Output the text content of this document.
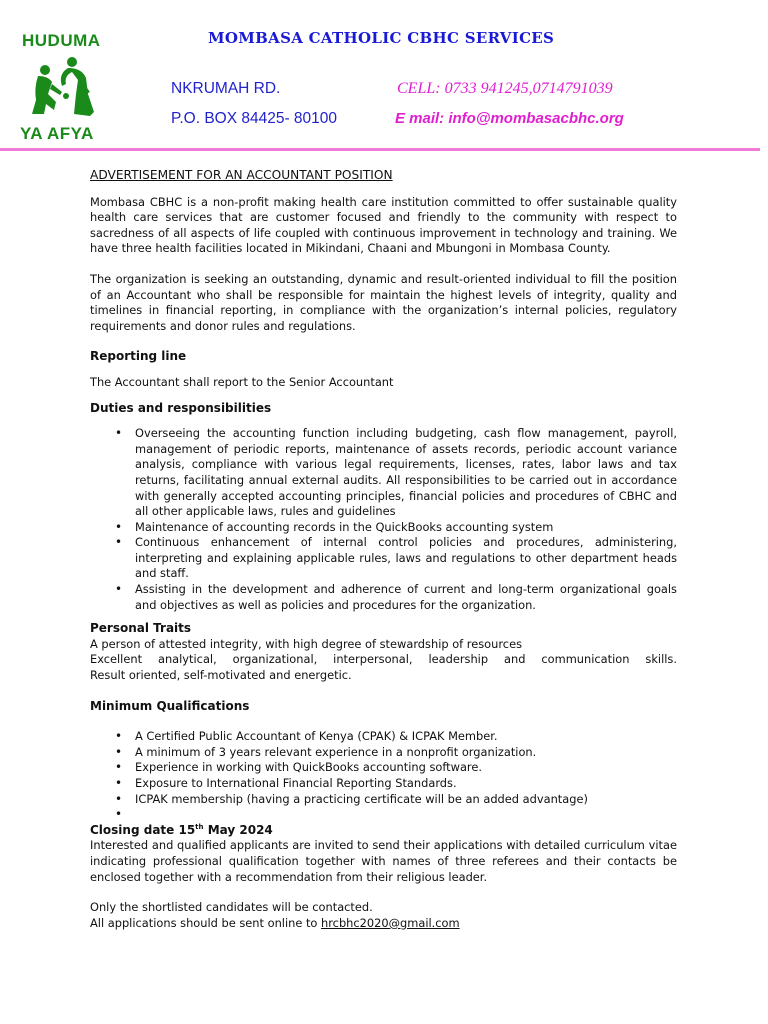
HUDUMA
YA AFYA
MOMBASA CATHOLIC CBHC SERVICES
NKRUMAH RD.
P.O. BOX 84425- 80100
CELL: 0733 941245,0714791039
E mail: info@mombasacbhc.org
ADVERTISEMENT FOR AN ACCOUNTANT POSITION

Mombasa CBHC is a non-profit making health care institution committed to offer sustainable quality health care services that are customer focused and friendly to the community with respect to sacredness of all aspects of life coupled with continuous improvement in technology and training. We have three health facilities located in Mikindani, Chaani and Mbungoni in Mombasa County.

The organization is seeking an outstanding, dynamic and result-oriented individual to fill the position of an Accountant who shall be responsible for maintain the highest levels of integrity, quality and timelines in financial reporting, in compliance with the organization’s internal policies, regulatory requirements and donor rules and regulations.

Reporting line

The Accountant shall report to the Senior Accountant

Duties and responsibilities
• Overseeing the accounting function including budgeting, cash flow management, payroll, management of periodic reports, maintenance of assets records, periodic account variance analysis, compliance with various legal requirements, licenses, rates, labor laws and tax returns, facilitating annual external audits. All responsibilities to be carried out in accordance with generally accepted accounting principles, financial policies and procedures of CBHC and all other applicable laws, rules and guidelines
• Maintenance of accounting records in the QuickBooks accounting system
• Continuous enhancement of internal control policies and procedures, administering, interpreting and explaining applicable rules, laws and regulations to other department heads and staff.
• Assisting in the development and adherence of current and long-term organizational goals and objectives as well as policies and procedures for the organization.
Personal Traits

A person of attested integrity, with high degree of stewardship of resources

Excellent analytical, organizational, interpersonal, leadership and communication skills.

Result oriented, self-motivated and energetic.

Minimum Qualifications
• A Certified Public Accountant of Kenya (CPAK) & ICPAK Member.
• A minimum of 3 years relevant experience in a nonprofit organization.
• Experience in working with QuickBooks accounting software.
• Exposure to International Financial Reporting Standards.
• ICPAK membership (having a practicing certificate will be an added advantage)
•
Closing date 15th May 2024

Interested and qualified applicants are invited to send their applications with detailed curriculum vitae indicating professional qualification together with names of three referees and their contacts be enclosed together with a recommendation from their religious leader.

Only the shortlisted candidates will be contacted.

All applications should be sent online to hrcbhc2020@gmail.com
